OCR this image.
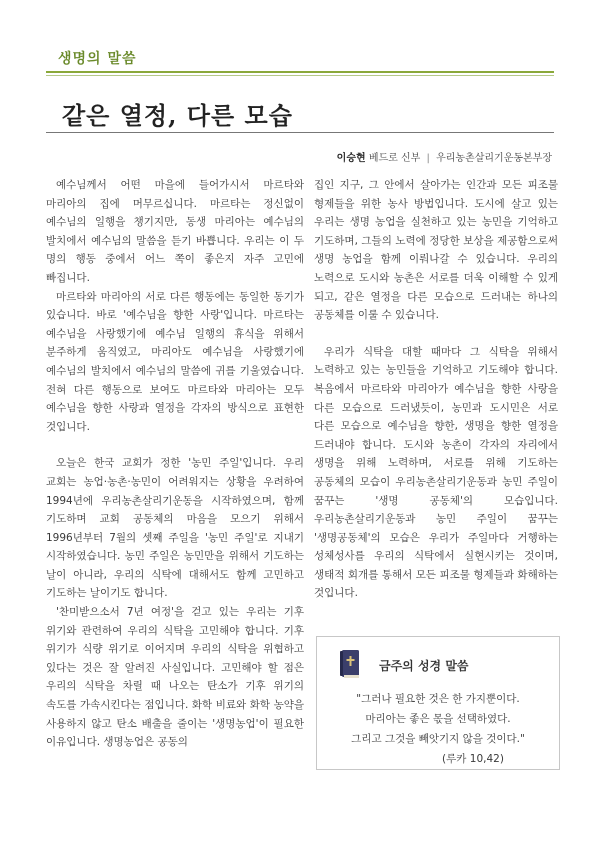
생명의 말씀
같은 열정, 다른 모습
이승현 베드로 신부 | 우리농촌살리기운동본부장

예수님께서 어떤 마을에 들어가시서 마르타와 마리아의 집에 머무르십니다. 마르타는 정신없이 예수님의 일행을 챙기지만, 동생 마리아는 예수님의 발치에서 예수님의 말씀을 듣기 바쁩니다. 우리는 이 두 명의 행동 중에서 어느 쪽이 좋은지 자주 고민에 빠집니다.

마르타와 마리아의 서로 다른 행동에는 동일한 동기가 있습니다. 바로 '예수님을 향한 사랑'입니다. 마르타는 예수님을 사랑했기에 예수님 일행의 휴식을 위해서 분주하게 움직였고, 마리아도 예수님을 사랑했기에 예수님의 발치에서 예수님의 말씀에 귀를 기울였습니다. 전혀 다른 행동으로 보여도 마르타와 마리아는 모두 예수님을 향한 사랑과 열정을 각자의 방식으로 표현한 것입니다.

오늘은 한국 교회가 정한 '농민 주일'입니다. 우리 교회는 농업·농촌·농민이 어려워지는 상황을 우려하여 1994년에 우리농촌살리기운동을 시작하였으며, 함께 기도하며 교회 공동체의 마음을 모으기 위해서 1996년부터 7월의 셋째 주일을 '농민 주일'로 지내기 시작하였습니다. 농민 주일은 농민만을 위해서 기도하는 날이 아니라, 우리의 식탁에 대해서도 함께 고민하고 기도하는 날이기도 합니다.

'찬미받으소서 7년 여정'을 걷고 있는 우리는 기후 위기와 관련하여 우리의 식탁을 고민해야 합니다. 기후 위기가 식량 위기로 이어지며 우리의 식탁을 위협하고 있다는 것은 잘 알려진 사실입니다. 고민해야 할 점은 우리의 식탁을 차릴 때 나오는 탄소가 기후 위기의 속도를 가속시킨다는 점입니다. 화학 비료와 화학 농약을 사용하지 않고 탄소 배출을 줄이는 '생명농업'이 필요한 이유입니다. 생명농업은 공동의

집인 지구, 그 안에서 살아가는 인간과 모든 피조물 형제들을 위한 농사 방법입니다. 도시에 살고 있는 우리는 생명 농업을 실천하고 있는 농민을 기억하고 기도하며, 그들의 노력에 정당한 보상을 제공함으로써 생명 농업을 함께 이뤄나갈 수 있습니다. 우리의 노력으로 도시와 농촌은 서로를 더욱 이해할 수 있게 되고, 같은 열정을 다른 모습으로 드러내는 하나의 공동체를 이룰 수 있습니다.

우리가 식탁을 대할 때마다 그 식탁을 위해서 노력하고 있는 농민들을 기억하고 기도해야 합니다. 복음에서 마르타와 마리아가 예수님을 향한 사랑을 다른 모습으로 드러냈듯이, 농민과 도시민은 서로 다른 모습으로 예수님을 향한, 생명을 향한 열정을 드러내야 합니다. 도시와 농촌이 각자의 자리에서 생명을 위해 노력하며, 서로를 위해 기도하는 공동체의 모습이 우리농촌살리기운동과 농민 주일이 꿈꾸는 '생명 공동체'의 모습입니다. 우리농촌살리기운동과 농민 주일이 꿈꾸는 '생명공동체'의 모습은 우리가 주일마다 거행하는 성체성사를 우리의 식탁에서 실현시키는 것이며, 생태적 회개를 통해서 모든 피조물 형제들과 화해하는 것입니다.

금주의 성경 말씀
"그러나 필요한 것은 한 가지뿐이다.
마리아는 좋은 몫을 선택하였다.
그리고 그것을 빼앗기지 않을 것이다."
(루카 10,42)
